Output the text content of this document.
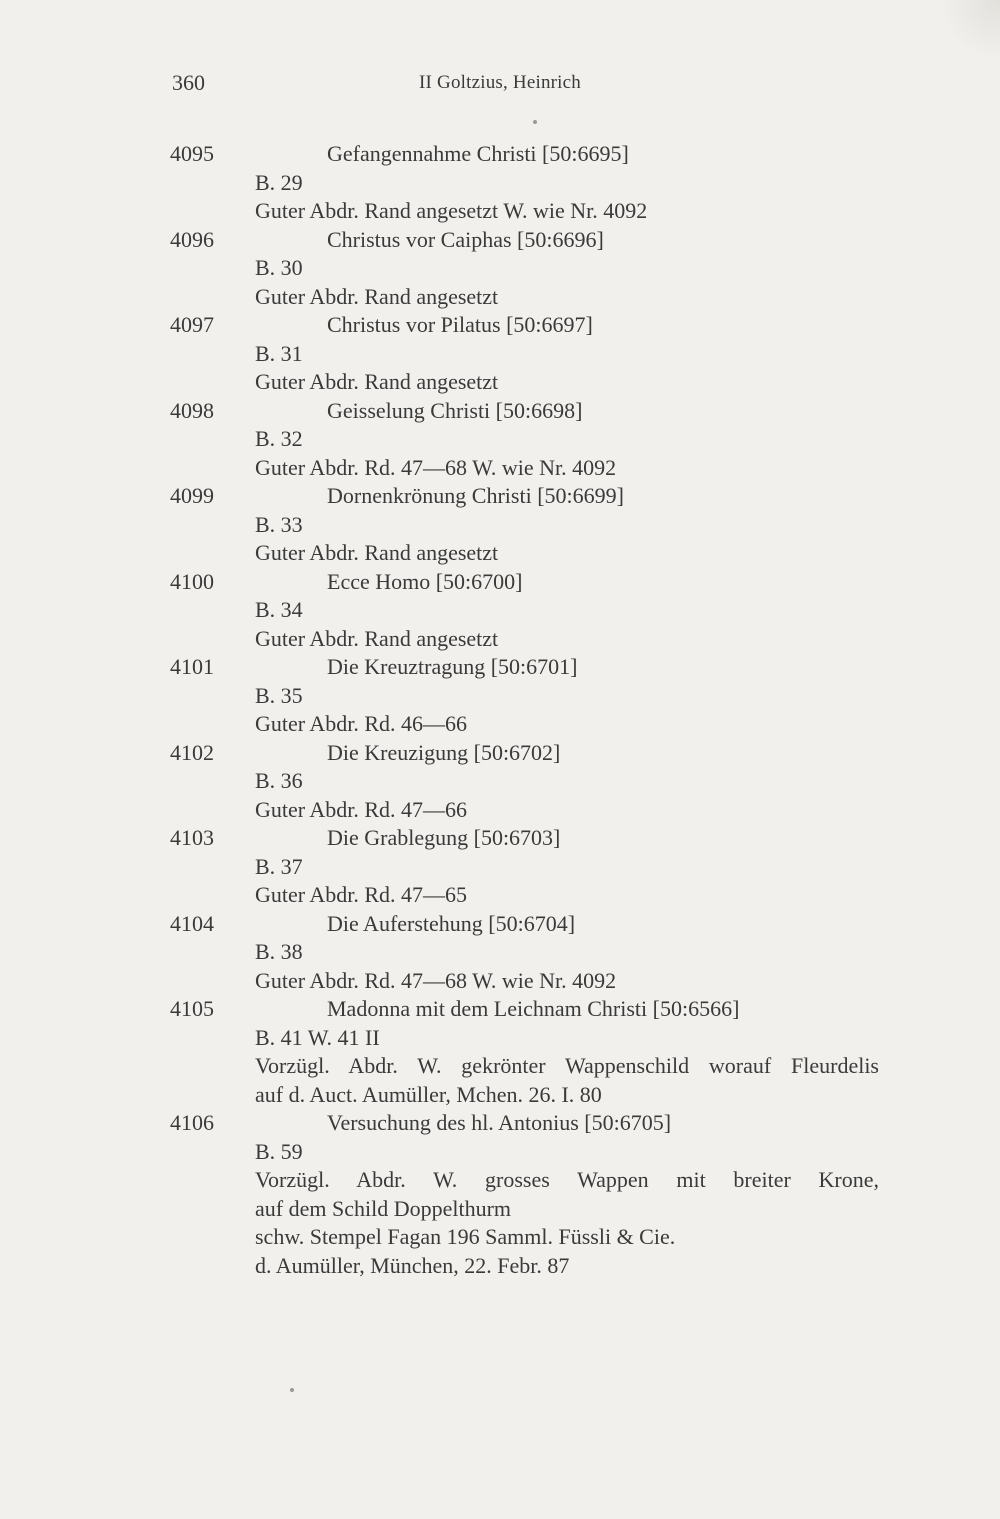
360	II Goltzius, Heinrich
4095	Gefangennahme Christi [50:6695]
B. 29
Guter Abdr. Rand angesetzt W. wie Nr. 4092
4096	Christus vor Caiphas [50:6696]
B. 30
Guter Abdr. Rand angesetzt
4097	Christus vor Pilatus [50:6697]
B. 31
Guter Abdr. Rand angesetzt
4098	Geisselung Christi [50:6698]
B. 32
Guter Abdr. Rd. 47—68 W. wie Nr. 4092
4099	Dornenkrönung Christi [50:6699]
B. 33
Guter Abdr. Rand angesetzt
4100	Ecce Homo [50:6700]
B. 34
Guter Abdr. Rand angesetzt
4101	Die Kreuztragung [50:6701]
B. 35
Guter Abdr. Rd. 46—66
4102	Die Kreuzigung [50:6702]
B. 36
Guter Abdr. Rd. 47—66
4103	Die Grablegung [50:6703]
B. 37
Guter Abdr. Rd. 47—65
4104	Die Auferstehung [50:6704]
B. 38
Guter Abdr. Rd. 47—68 W. wie Nr. 4092
4105	Madonna mit dem Leichnam Christi [50:6566]
B. 41 W. 41 II
Vorzügl. Abdr. W. gekrönter Wappenschild worauf Fleurdelis
auf d. Auct. Aumüller, Mchen. 26. I. 80
4106	Versuchung des hl. Antonius [50:6705]
B. 59
Vorzügl. Abdr. W. grosses Wappen mit breiter Krone,
auf dem Schild Doppelthurm
schw. Stempel Fagan 196 Samml. Füssli & Cie.
d. Aumüller, München, 22. Febr. 87
